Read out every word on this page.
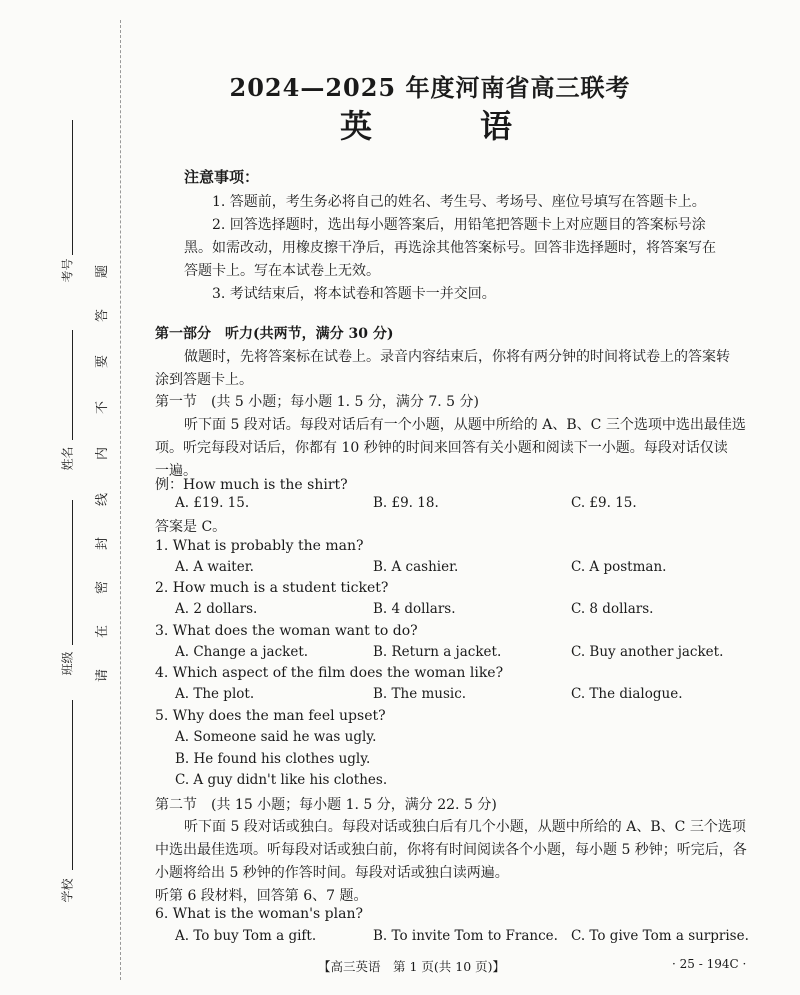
考号
姓名
班级
学校
请
在
密
封
线
内
不
要
答
题
2024—2025 年度河南省高三联考
英　语
注意事项：
1. 答题前，考生务必将自己的姓名、考生号、考场号、座位号填写在答题卡上。
2. 回答选择题时，选出每小题答案后，用铅笔把答题卡上对应题目的答案标号涂
黑。如需改动，用橡皮擦干净后，再选涂其他答案标号。回答非选择题时，将答案写在
答题卡上。写在本试卷上无效。
3. 考试结束后，将本试卷和答题卡一并交回。
第一部分　听力(共两节，满分 30 分)
做题时，先将答案标在试卷上。录音内容结束后，你将有两分钟的时间将试卷上的答案转
涂到答题卡上。
第一节　(共 5 小题；每小题 1. 5 分，满分 7. 5 分)
听下面 5 段对话。每段对话后有一个小题，从题中所给的 A、B、C 三个选项中选出最佳选
项。听完每段对话后，你都有 10 秒钟的时间来回答有关小题和阅读下一小题。每段对话仅读
一遍。
例：How much is the shirt?
A. £19. 15.	B. £9. 18.	C. £9. 15.
答案是 C。
1. What is probably the man?
A. A waiter.	B. A cashier.	C. A postman.
2. How much is a student ticket?
A. 2 dollars.	B. 4 dollars.	C. 8 dollars.
3. What does the woman want to do?
A. Change a jacket.	B. Return a jacket.	C. Buy another jacket.
4. Which aspect of the film does the woman like?
A. The plot.	B. The music.	C. The dialogue.
5. Why does the man feel upset?
A. Someone said he was ugly.
B. He found his clothes ugly.
C. A guy didn't like his clothes.
第二节　(共 15 小题；每小题 1. 5 分，满分 22. 5 分)
听下面 5 段对话或独白。每段对话或独白后有几个小题，从题中所给的 A、B、C 三个选项
中选出最佳选项。听每段对话或独白前，你将有时间阅读各个小题，每小题 5 秒钟；听完后，各
小题将给出 5 秒钟的作答时间。每段对话或独白读两遍。
听第 6 段材料，回答第 6、7 题。
6. What is the woman's plan?
A. To buy Tom a gift.	B. To invite Tom to France. C. To give Tom a surprise.
【高三英语　第 1 页(共 10 页)】	· 25 - 194C ·
